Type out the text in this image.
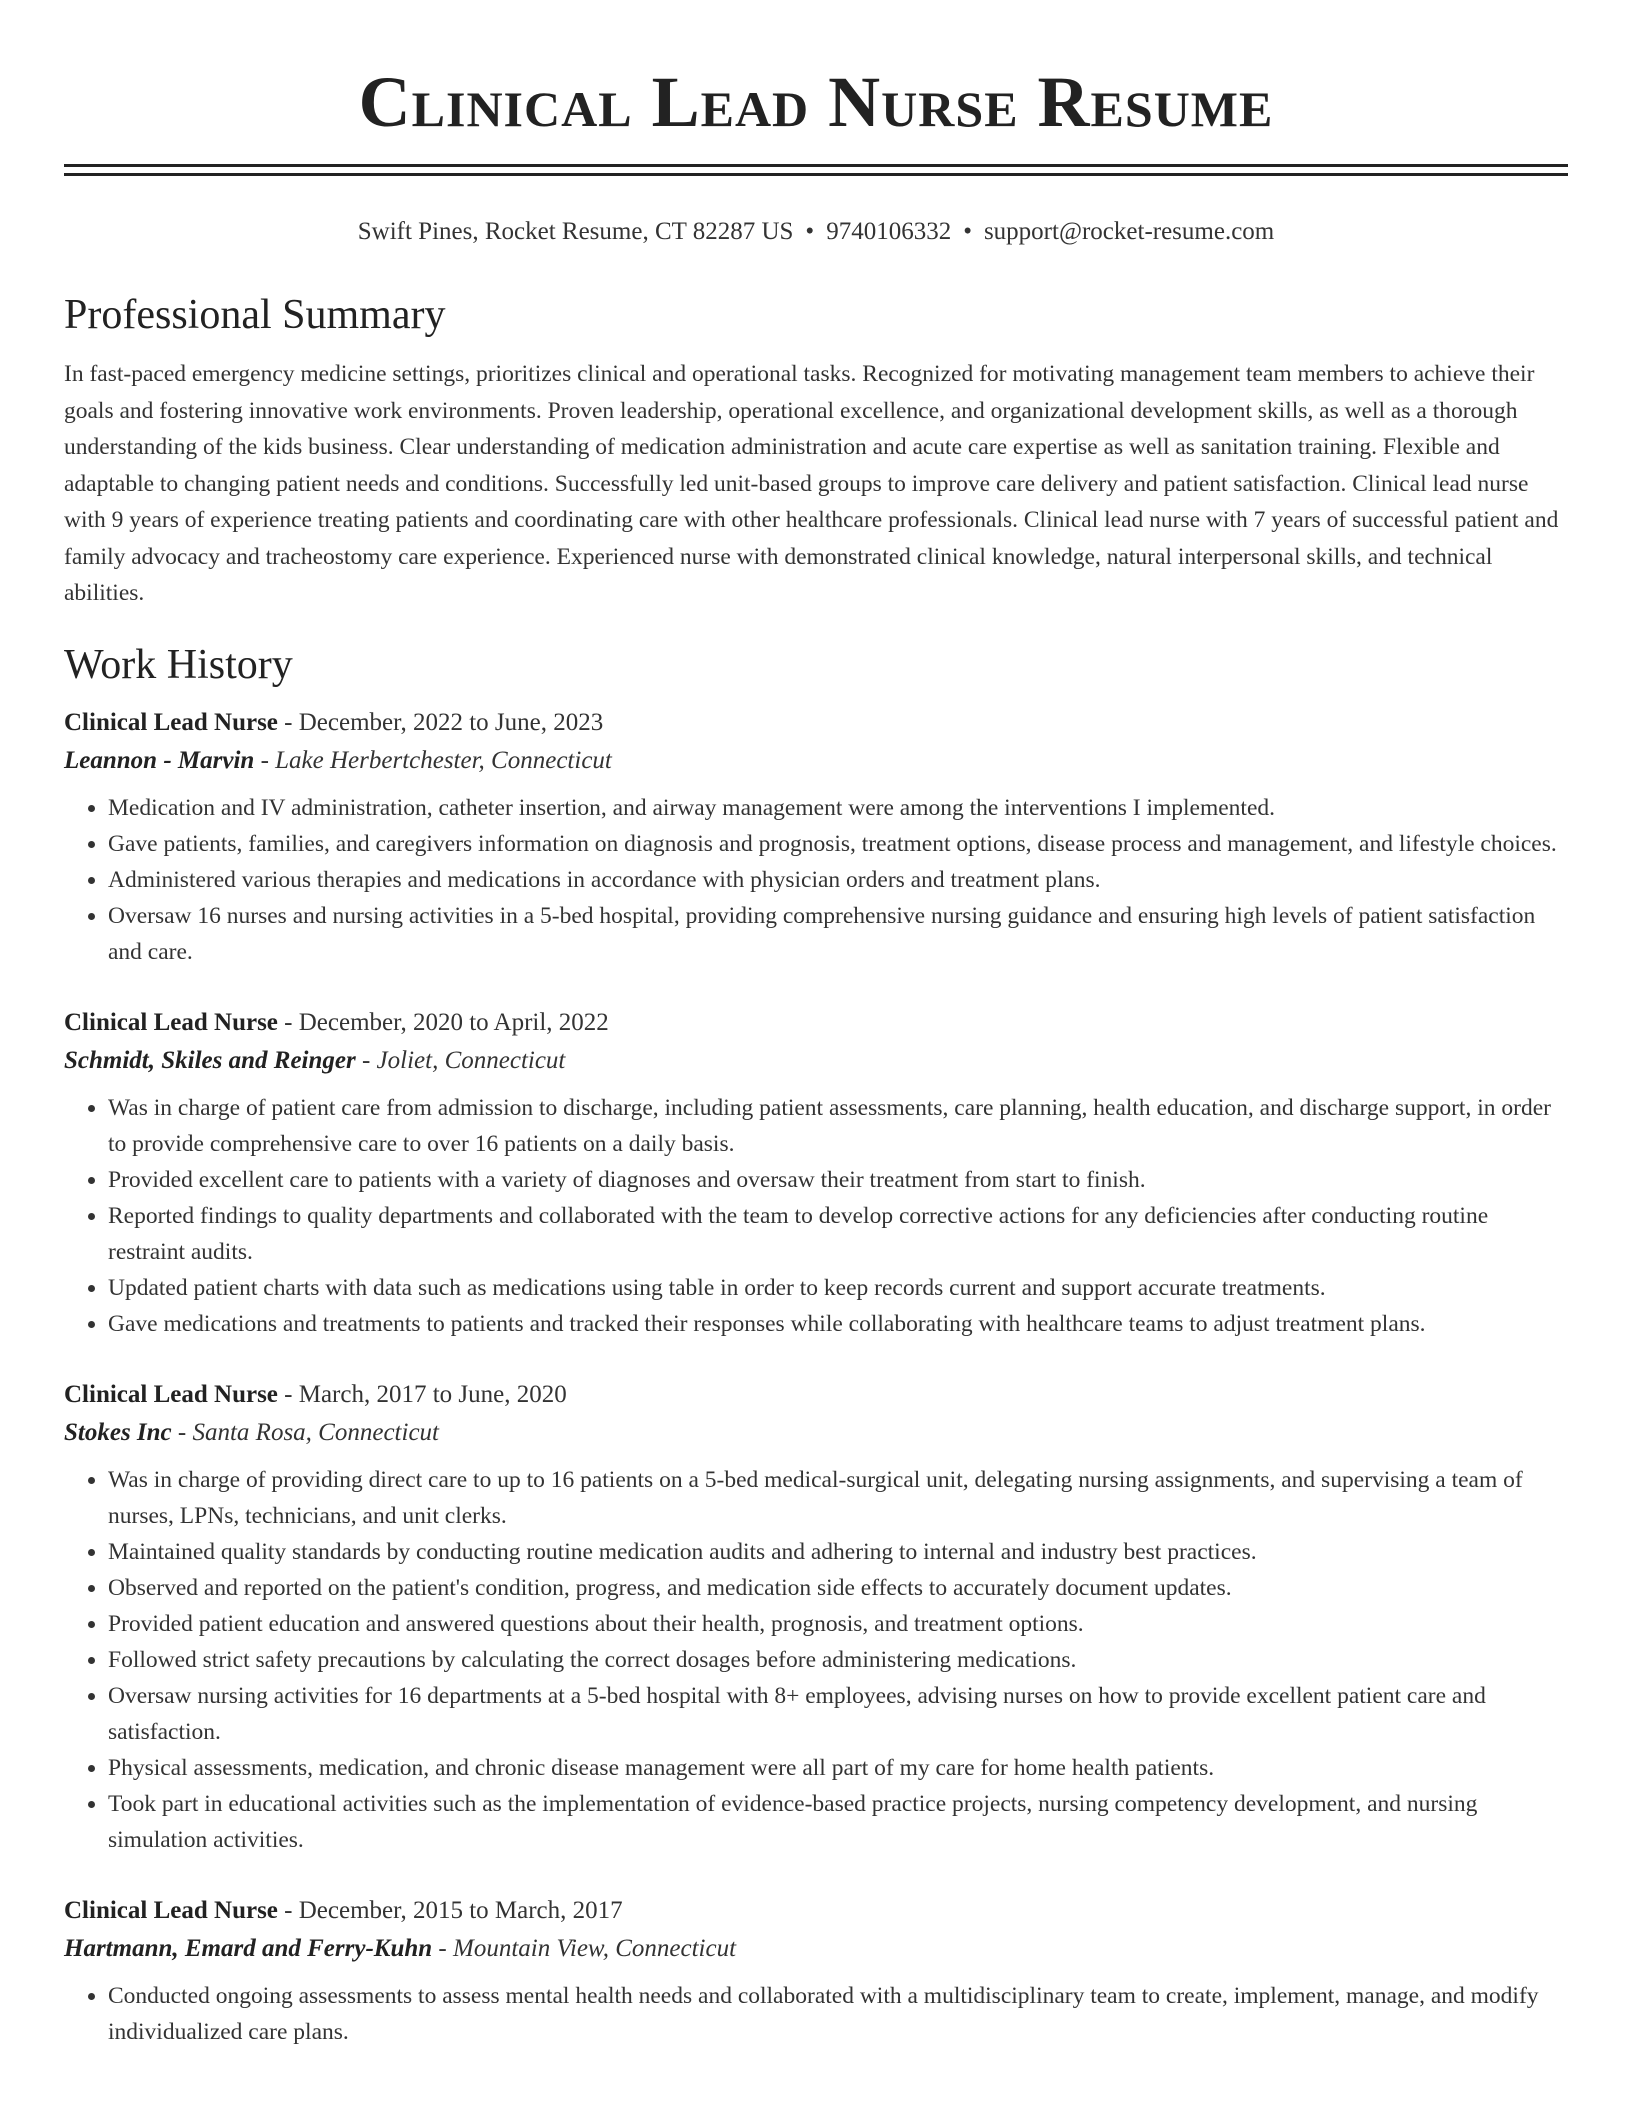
Clinical Lead Nurse Resume
Swift Pines, Rocket Resume, CT 82287 US • 9740106332 • support@rocket-resume.com
Professional Summary

In fast-paced emergency medicine settings, prioritizes clinical and operational tasks. Recognized for motivating management team members to achieve their goals and fostering innovative work environments. Proven leadership, operational excellence, and organizational development skills, as well as a thorough understanding of the kids business. Clear understanding of medication administration and acute care expertise as well as sanitation training. Flexible and adaptable to changing patient needs and conditions. Successfully led unit-based groups to improve care delivery and patient satisfaction. Clinical lead nurse with 9 years of experience treating patients and coordinating care with other healthcare professionals. Clinical lead nurse with 7 years of successful patient and family advocacy and tracheostomy care experience. Experienced nurse with demonstrated clinical knowledge, natural interpersonal skills, and technical abilities.

Work History
Clinical Lead Nurse - December, 2022 to June, 2023
Leannon - Marvin - Lake Herbertchester, Connecticut
• Medication and IV administration, catheter insertion, and airway management were among the interventions I implemented.
• Gave patients, families, and caregivers information on diagnosis and prognosis, treatment options, disease process and management, and lifestyle choices.
• Administered various therapies and medications in accordance with physician orders and treatment plans.
• Oversaw 16 nurses and nursing activities in a 5-bed hospital, providing comprehensive nursing guidance and ensuring high levels of patient satisfaction and care.
Clinical Lead Nurse - December, 2020 to April, 2022
Schmidt, Skiles and Reinger - Joliet, Connecticut
• Was in charge of patient care from admission to discharge, including patient assessments, care planning, health education, and discharge support, in order to provide comprehensive care to over 16 patients on a daily basis.
• Provided excellent care to patients with a variety of diagnoses and oversaw their treatment from start to finish.
• Reported findings to quality departments and collaborated with the team to develop corrective actions for any deficiencies after conducting routine restraint audits.
• Updated patient charts with data such as medications using table in order to keep records current and support accurate treatments.
• Gave medications and treatments to patients and tracked their responses while collaborating with healthcare teams to adjust treatment plans.
Clinical Lead Nurse - March, 2017 to June, 2020
Stokes Inc - Santa Rosa, Connecticut
• Was in charge of providing direct care to up to 16 patients on a 5-bed medical-surgical unit, delegating nursing assignments, and supervising a team of nurses, LPNs, technicians, and unit clerks.
• Maintained quality standards by conducting routine medication audits and adhering to internal and industry best practices.
• Observed and reported on the patient's condition, progress, and medication side effects to accurately document updates.
• Provided patient education and answered questions about their health, prognosis, and treatment options.
• Followed strict safety precautions by calculating the correct dosages before administering medications.
• Oversaw nursing activities for 16 departments at a 5-bed hospital with 8+ employees, advising nurses on how to provide excellent patient care and satisfaction.
• Physical assessments, medication, and chronic disease management were all part of my care for home health patients.
• Took part in educational activities such as the implementation of evidence-based practice projects, nursing competency development, and nursing simulation activities.
Clinical Lead Nurse - December, 2015 to March, 2017
Hartmann, Emard and Ferry-Kuhn - Mountain View, Connecticut
• Conducted ongoing assessments to assess mental health needs and collaborated with a multidisciplinary team to create, implement, manage, and modify individualized care plans.
